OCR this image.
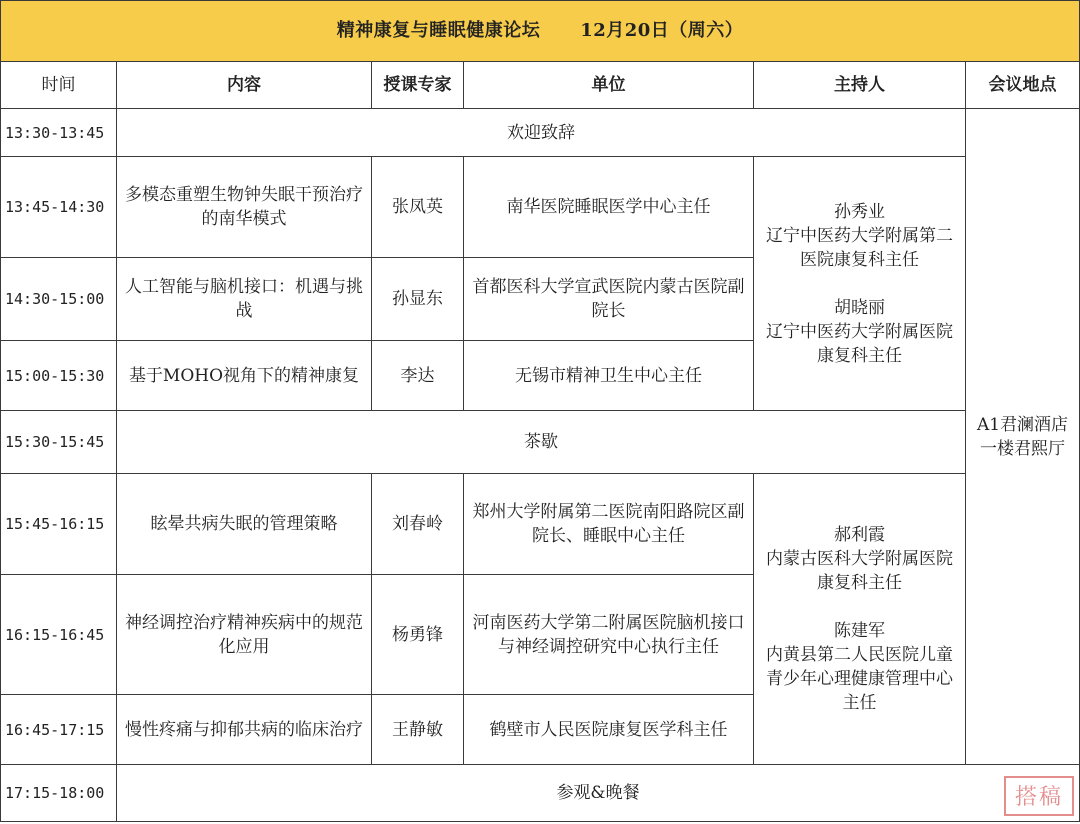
精神康复与睡眠健康论坛 12月20日（周六）					
时间	内容	授课专家	单位	主持人	会议地点
13:30-13:45	欢迎致辞				A1君澜酒店一楼君熙厅
13:45-14:30	多模态重塑生物钟失眠干预治疗的南华模式	张凤英	南华医院睡眠医学中心主任	孙秀业
辽宁中医药大学附属第二医院康复科主任
胡晓丽
辽宁中医药大学附属医院康复科主任	

14:30-15:00	人工智能与脑机接口：机遇与挑战	孙显东	首都医科大学宣武医院内蒙古医院副院长		
15:00-15:30	基于MOHO视角下的精神康复	李达	无锡市精神卫生中心主任		
15:30-15:45	茶歇				
15:45-16:15	眩晕共病失眠的管理策略	刘春岭	郑州大学附属第二医院南阳路院区副院长、睡眠中心主任	郝利霞
内蒙古医科大学附属医院康复科主任
陈建军
内黄县第二人民医院儿童青少年心理健康管理中心主任	

16:15-16:45	神经调控治疗精神疾病中的规范化应用	杨勇锋	河南医药大学第二附属医院脑机接口与神经调控研究中心执行主任		
16:45-17:15	慢性疼痛与抑郁共病的临床治疗	王静敏	鹤壁市人民医院康复医学科主任		
17:15-18:00	参观&晚餐					搭稿
